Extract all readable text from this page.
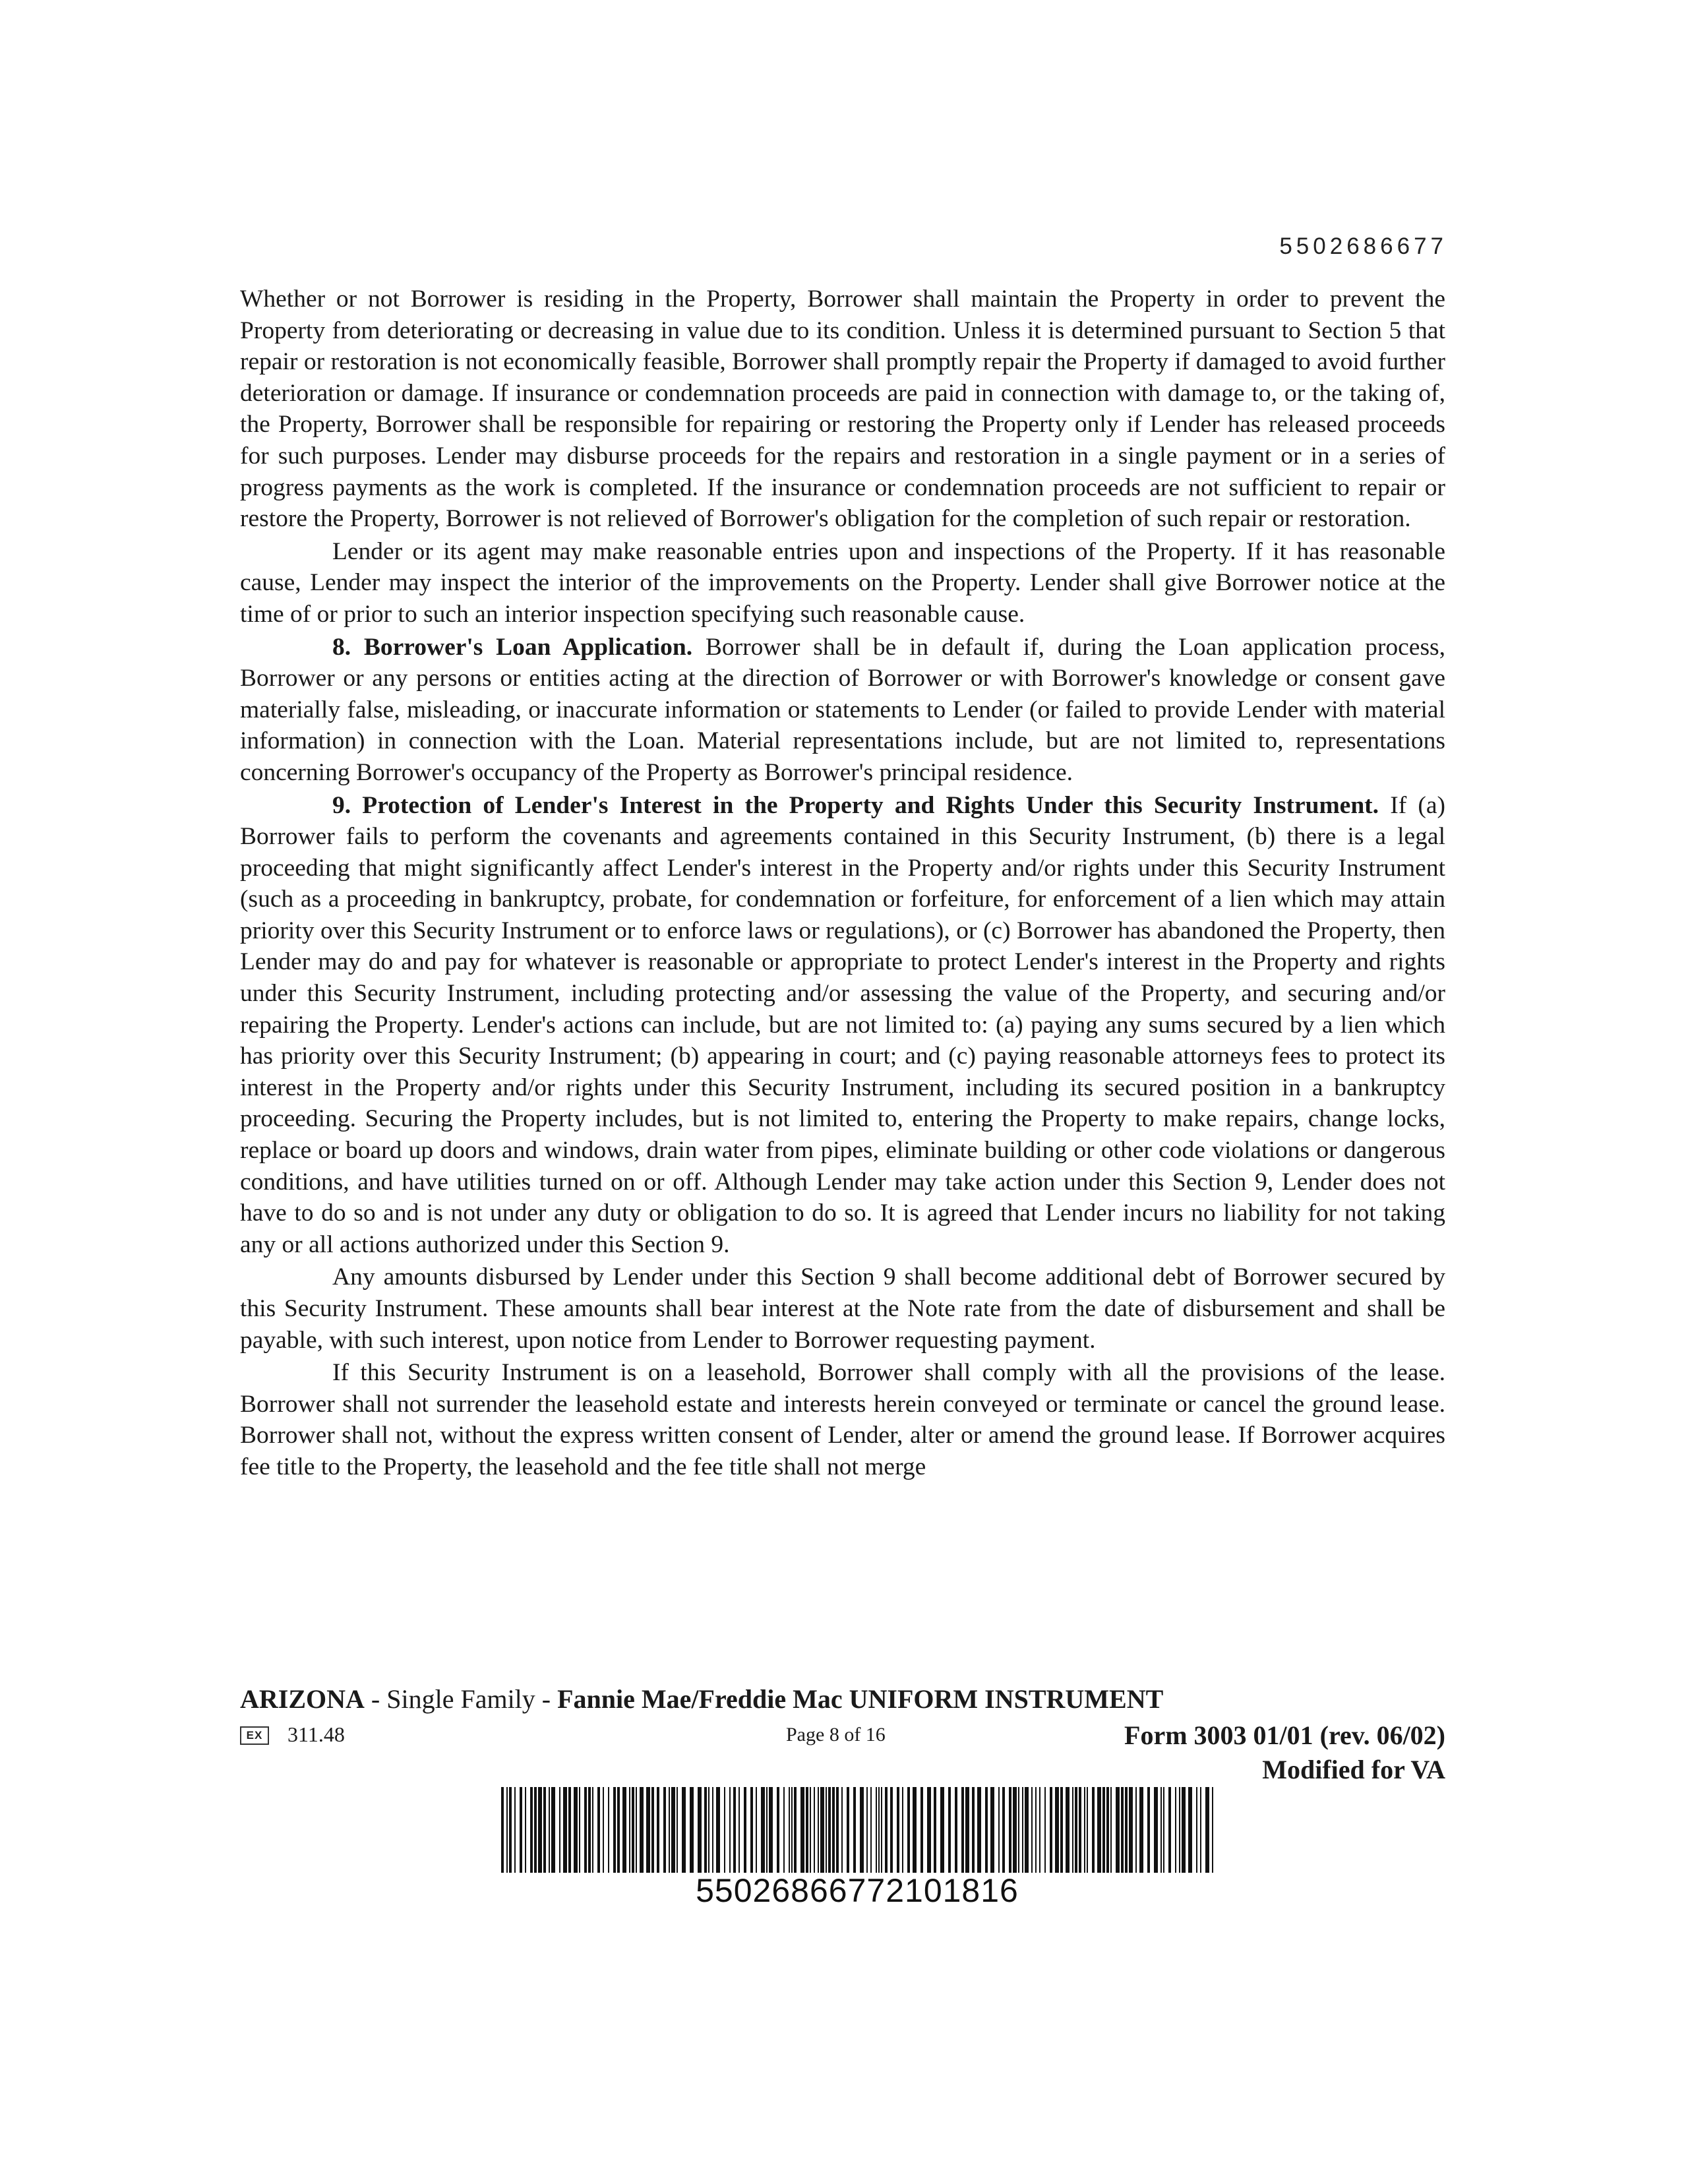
5502686677

Whether or not Borrower is residing in the Property, Borrower shall maintain the Property in order to prevent the Property from deteriorating or decreasing in value due to its condition. Unless it is determined pursuant to Section 5 that repair or restoration is not economically feasible, Borrower shall promptly repair the Property if damaged to avoid further deterioration or damage. If insurance or condemnation proceeds are paid in connection with damage to, or the taking of, the Property, Borrower shall be responsible for repairing or restoring the Property only if Lender has released proceeds for such purposes. Lender may disburse proceeds for the repairs and restoration in a single payment or in a series of progress payments as the work is completed. If the insurance or condemnation proceeds are not sufficient to repair or restore the Property, Borrower is not relieved of Borrower's obligation for the completion of such repair or restoration.

Lender or its agent may make reasonable entries upon and inspections of the Property. If it has reasonable cause, Lender may inspect the interior of the improvements on the Property. Lender shall give Borrower notice at the time of or prior to such an interior inspection specifying such reasonable cause.

8. Borrower's Loan Application. Borrower shall be in default if, during the Loan application process, Borrower or any persons or entities acting at the direction of Borrower or with Borrower's knowledge or consent gave materially false, misleading, or inaccurate information or statements to Lender (or failed to provide Lender with material information) in connection with the Loan. Material representations include, but are not limited to, representations concerning Borrower's occupancy of the Property as Borrower's principal residence.

9. Protection of Lender's Interest in the Property and Rights Under this Security Instrument. If (a) Borrower fails to perform the covenants and agreements contained in this Security Instrument, (b) there is a legal proceeding that might significantly affect Lender's interest in the Property and/or rights under this Security Instrument (such as a proceeding in bankruptcy, probate, for condemnation or forfeiture, for enforcement of a lien which may attain priority over this Security Instrument or to enforce laws or regulations), or (c) Borrower has abandoned the Property, then Lender may do and pay for whatever is reasonable or appropriate to protect Lender's interest in the Property and rights under this Security Instrument, including protecting and/or assessing the value of the Property, and securing and/or repairing the Property. Lender's actions can include, but are not limited to: (a) paying any sums secured by a lien which has priority over this Security Instrument; (b) appearing in court; and (c) paying reasonable attorneys fees to protect its interest in the Property and/or rights under this Security Instrument, including its secured position in a bankruptcy proceeding. Securing the Property includes, but is not limited to, entering the Property to make repairs, change locks, replace or board up doors and windows, drain water from pipes, eliminate building or other code violations or dangerous conditions, and have utilities turned on or off. Although Lender may take action under this Section 9, Lender does not have to do so and is not under any duty or obligation to do so. It is agreed that Lender incurs no liability for not taking any or all actions authorized under this Section 9.

Any amounts disbursed by Lender under this Section 9 shall become additional debt of Borrower secured by this Security Instrument. These amounts shall bear interest at the Note rate from the date of disbursement and shall be payable, with such interest, upon notice from Lender to Borrower requesting payment.

If this Security Instrument is on a leasehold, Borrower shall comply with all the provisions of the lease. Borrower shall not surrender the leasehold estate and interests herein conveyed or terminate or cancel the ground lease. Borrower shall not, without the express written consent of Lender, alter or amend the ground lease. If Borrower acquires fee title to the Property, the leasehold and the fee title shall not merge

ARIZONA - Single Family - Fannie Mae/Freddie Mac UNIFORM INSTRUMENT
EX	311.48	Page 8 of 16	Form 3003 01/01 (rev. 06/02)
Modified for VA
55026866772101816
